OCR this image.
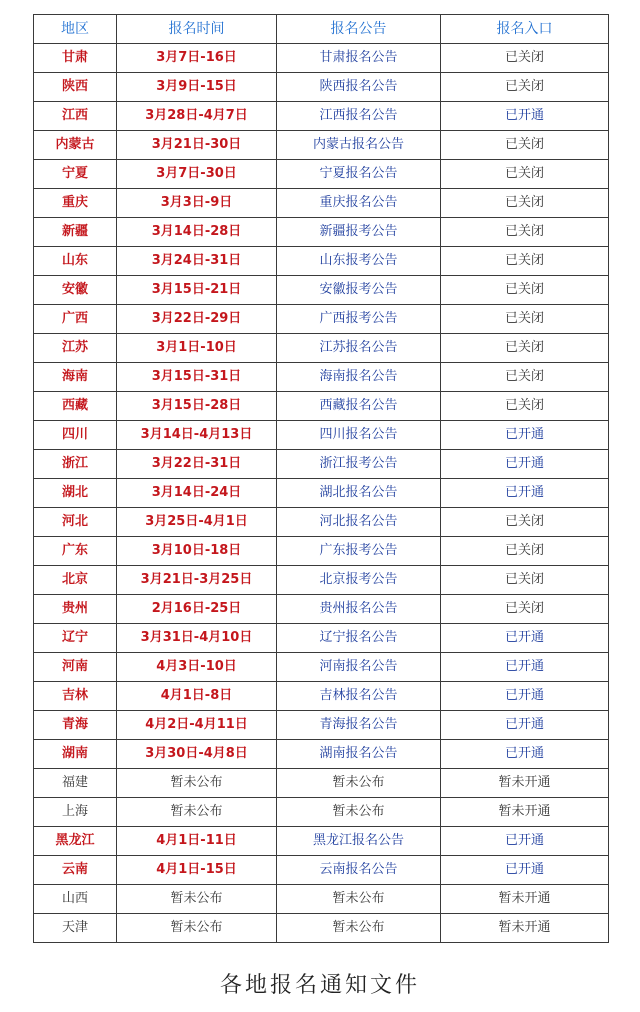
地区	报名时间	报名公告	报名入口
甘肃	3月7日-16日	甘肃报名公告	已关闭
陕西	3月9日-15日	陕西报名公告	已关闭
江西	3月28日-4月7日	江西报名公告	已开通
内蒙古	3月21日-30日	内蒙古报名公告	已关闭
宁夏	3月7日-30日	宁夏报名公告	已关闭
重庆	3月3日-9日	重庆报名公告	已关闭
新疆	3月14日-28日	新疆报考公告	已关闭
山东	3月24日-31日	山东报考公告	已关闭
安徽	3月15日-21日	安徽报考公告	已关闭
广西	3月22日-29日	广西报考公告	已关闭
江苏	3月1日-10日	江苏报名公告	已关闭
海南	3月15日-31日	海南报名公告	已关闭
西藏	3月15日-28日	西藏报名公告	已关闭
四川	3月14日-4月13日	四川报名公告	已开通
浙江	3月22日-31日	浙江报考公告	已开通
湖北	3月14日-24日	湖北报名公告	已开通
河北	3月25日-4月1日	河北报名公告	已关闭
广东	3月10日-18日	广东报考公告	已关闭
北京	3月21日-3月25日	北京报考公告	已关闭
贵州	2月16日-25日	贵州报名公告	已关闭
辽宁	3月31日-4月10日	辽宁报名公告	已开通
河南	4月3日-10日	河南报名公告	已开通
吉林	4月1日-8日	吉林报名公告	已开通
青海	4月2日-4月11日	青海报名公告	已开通
湖南	3月30日-4月8日	湖南报名公告	已开通
福建	暂未公布	暂未公布	暂未开通
上海	暂未公布	暂未公布	暂未开通
黑龙江	4月1日-11日	黑龙江报名公告	已开通
云南	4月1日-15日	云南报名公告	已开通
山西	暂未公布	暂未公布	暂未开通
天津	暂未公布	暂未公布	暂未开通
各地报名通知文件
